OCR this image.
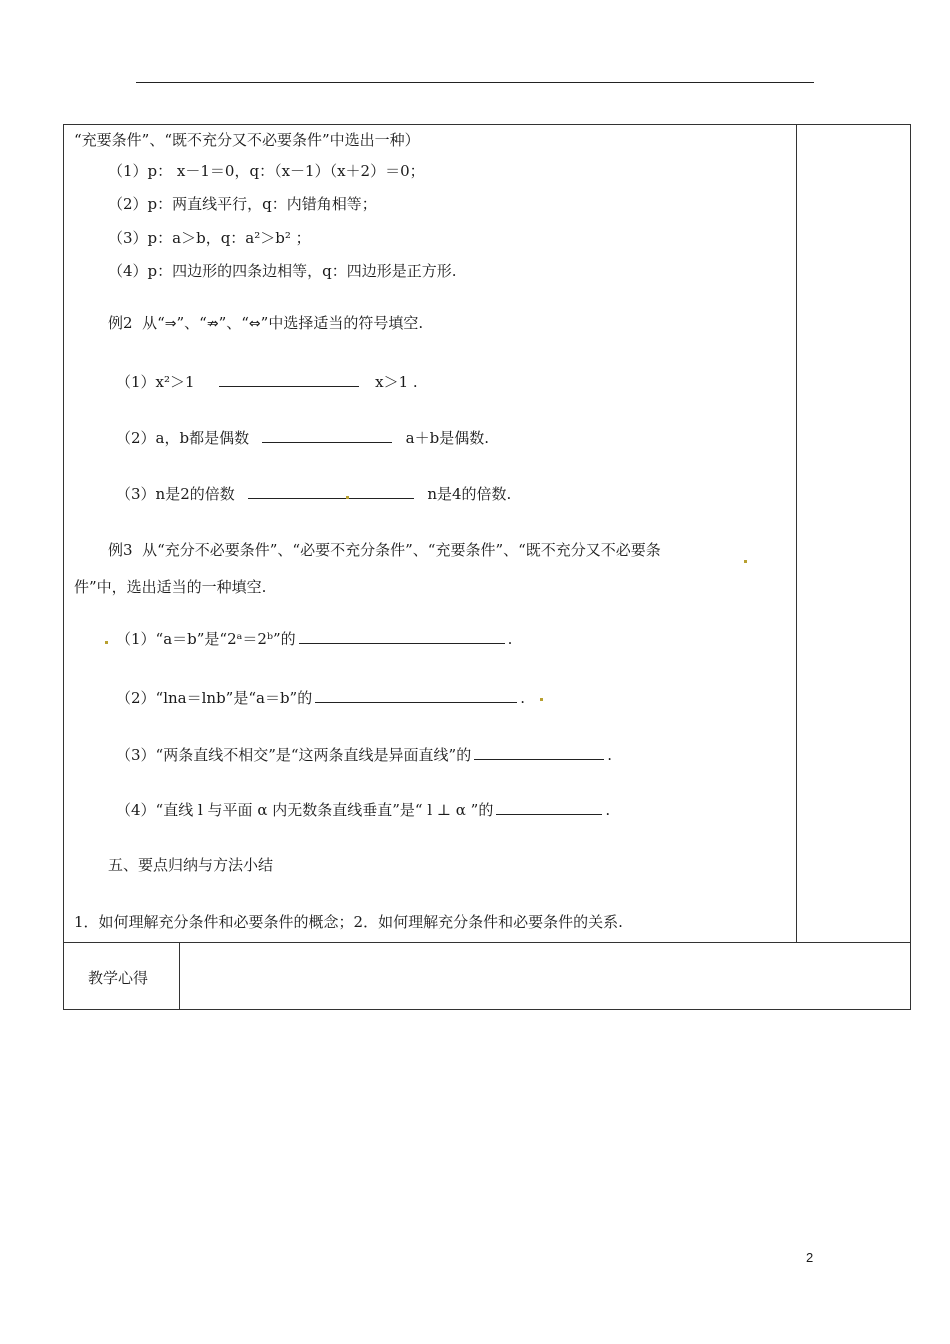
“充要条件”、“既不充分又不必要条件”中选出一种）
（1）p： x－1＝0，q：（x－1）（x＋2）＝0；
（2）p：两直线平行，q：内错角相等；
（3）p：a＞b，q：a²＞b² ；
（4）p：四边形的四条边相等，q：四边形是正方形.
例2 从“⇒”、“⇏”、“⇔”中选择适当的符号填空.
（1）x²＞1	x＞1 .
（2）a，b都是偶数	a＋b是偶数.
（3）n是2的倍数	n是4的倍数.
例3 从“充分不必要条件”、“必要不充分条件”、“充要条件”、“既不充分又不必要条
件”中，选出适当的一种填空.
（1）“a＝b”是“2ᵃ＝2ᵇ”的	.
（2）“lna＝lnb”是“a＝b”的	.
（3）“两条直线不相交”是“这两条直线是异面直线”的	.
（4）“直线 l 与平面 α 内无数条直线垂直”是“ l ⊥ α ”的	.
五、要点归纳与方法小结
1．如何理解充分条件和必要条件的概念；2．如何理解充分条件和必要条件的关系.
教学心得
2
